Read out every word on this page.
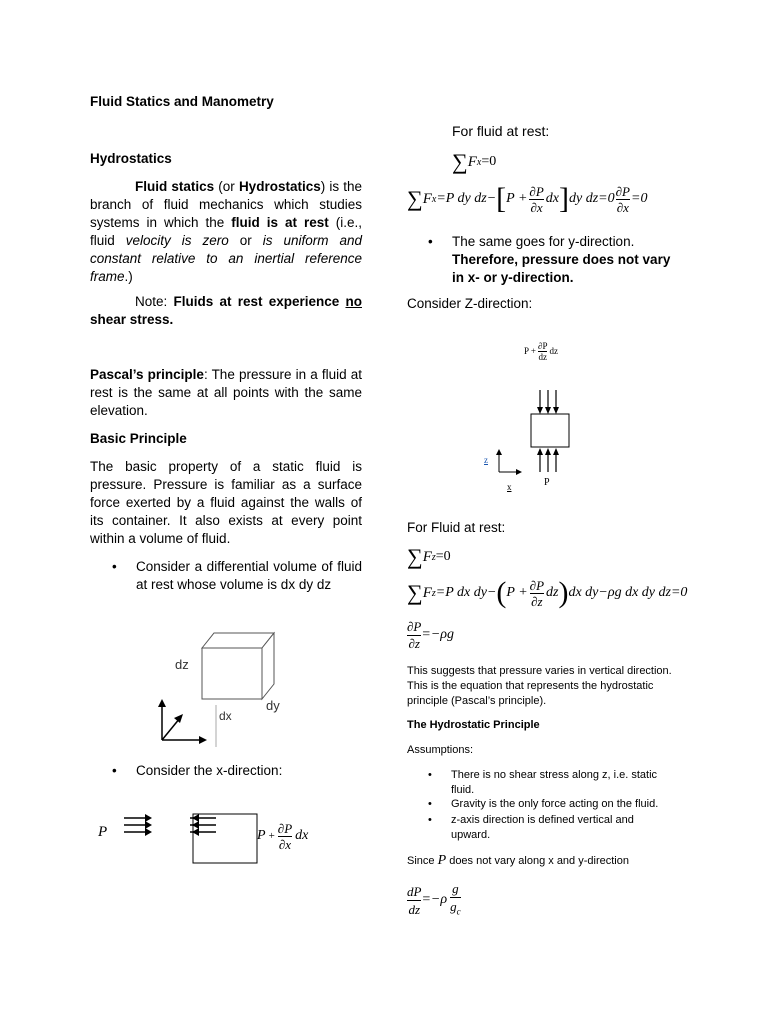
Fluid Statics and Manometry
Hydrostatics
Fluid statics (or Hydrostatics) is the branch of fluid mechanics which studies systems in which the fluid is at rest (i.e., fluid velocity is zero or is uniform and constant relative to an inertial reference frame.)
Note: Fluids at rest experience no shear stress.
Pascal’s principle: The pressure in a fluid at rest is the same at all points with the same elevation.
Basic Principle
The basic property of a static fluid is pressure. Pressure is familiar as a surface force exerted by a fluid against the walls of its container. It also exists at every point within a volume of fluid.
• Consider a differential volume of fluid at rest whose volume is dx dy dz
dz
dx
dy
• Consider the x-direction:
P	$P + \frac{\partial P}{\partial x}$ dx
For fluid at rest:
∑ F x =0
∑ F x =P dy dz− [ $P + \frac{\partial P}{\partial x}$ dx ] dy $dz=0 \frac{\partial P}{\partial x} =0$
• The same goes for y-direction. Therefore, pressure does not vary in x- or y-direction.
Consider Z-direction:
$P + \frac{\partial P}{dz}$ dz
z
x	P
For Fluid at rest:
∑ F z =0
∑ F z =P dx dy− ( $P + \frac{\partial P}{\partial z}$ dz ) dx dy−ρg dx dy dz=0
$\frac{\partial P}{\partial z} =-\rho g$
This suggests that pressure varies in vertical direction. This is the equation that represents the hydrostatic principle (Pascal’s principle).
The Hydrostatic Principle
Assumptions:
• There is no shear stress along z, i.e. static fluid.
• Gravity is the only force acting on the fluid.
• z-axis direction is defined vertical and upward.
Since P does not vary along x and y-direction
$\frac{dP}{dz} =-\rho$
g
$g_c$
